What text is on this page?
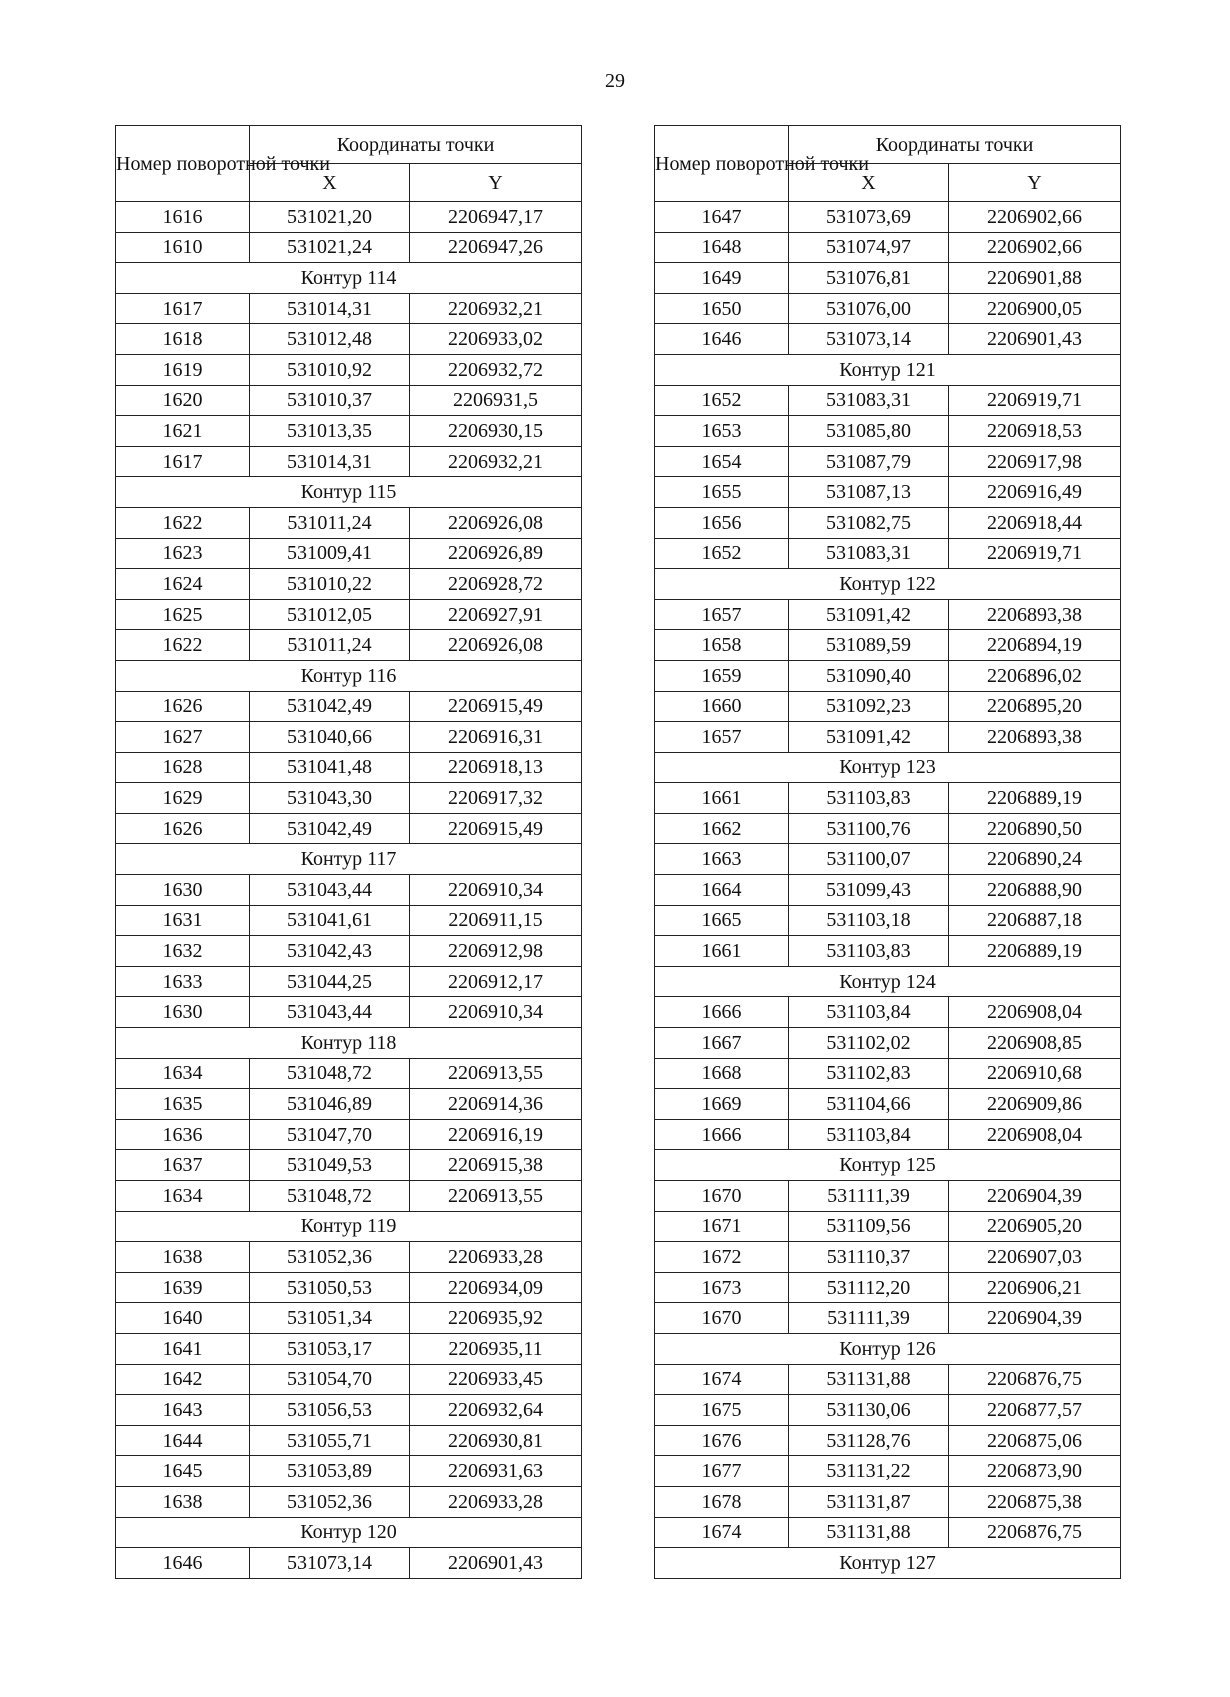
29
Номер поворотной точки	Координаты точки	
	X	Y
1616	531021,20	2206947,17
1610	531021,24	2206947,26
Контур 114		
1617	531014,31	2206932,21
1618	531012,48	2206933,02
1619	531010,92	2206932,72
1620	531010,37	2206931,5
1621	531013,35	2206930,15
1617	531014,31	2206932,21
Контур 115		
1622	531011,24	2206926,08
1623	531009,41	2206926,89
1624	531010,22	2206928,72
1625	531012,05	2206927,91
1622	531011,24	2206926,08
Контур 116		
1626	531042,49	2206915,49
1627	531040,66	2206916,31
1628	531041,48	2206918,13
1629	531043,30	2206917,32
1626	531042,49	2206915,49
Контур 117		
1630	531043,44	2206910,34
1631	531041,61	2206911,15
1632	531042,43	2206912,98
1633	531044,25	2206912,17
1630	531043,44	2206910,34
Контур 118		
1634	531048,72	2206913,55
1635	531046,89	2206914,36
1636	531047,70	2206916,19
1637	531049,53	2206915,38
1634	531048,72	2206913,55
Контур 119		
1638	531052,36	2206933,28
1639	531050,53	2206934,09
1640	531051,34	2206935,92
1641	531053,17	2206935,11
1642	531054,70	2206933,45
1643	531056,53	2206932,64
1644	531055,71	2206930,81
1645	531053,89	2206931,63
1638	531052,36	2206933,28
Контур 120		
1646	531073,14	2206901,43
Номер поворотной точки	Координаты точки	
	X	Y
1647	531073,69	2206902,66
1648	531074,97	2206902,66
1649	531076,81	2206901,88
1650	531076,00	2206900,05
1646	531073,14	2206901,43
Контур 121		
1652	531083,31	2206919,71
1653	531085,80	2206918,53
1654	531087,79	2206917,98
1655	531087,13	2206916,49
1656	531082,75	2206918,44
1652	531083,31	2206919,71
Контур 122		
1657	531091,42	2206893,38
1658	531089,59	2206894,19
1659	531090,40	2206896,02
1660	531092,23	2206895,20
1657	531091,42	2206893,38
Контур 123		
1661	531103,83	2206889,19
1662	531100,76	2206890,50
1663	531100,07	2206890,24
1664	531099,43	2206888,90
1665	531103,18	2206887,18
1661	531103,83	2206889,19
Контур 124		
1666	531103,84	2206908,04
1667	531102,02	2206908,85
1668	531102,83	2206910,68
1669	531104,66	2206909,86
1666	531103,84	2206908,04
Контур 125		
1670	531111,39	2206904,39
1671	531109,56	2206905,20
1672	531110,37	2206907,03
1673	531112,20	2206906,21
1670	531111,39	2206904,39
Контур 126		
1674	531131,88	2206876,75
1675	531130,06	2206877,57
1676	531128,76	2206875,06
1677	531131,22	2206873,90
1678	531131,87	2206875,38
1674	531131,88	2206876,75
Контур 127		
